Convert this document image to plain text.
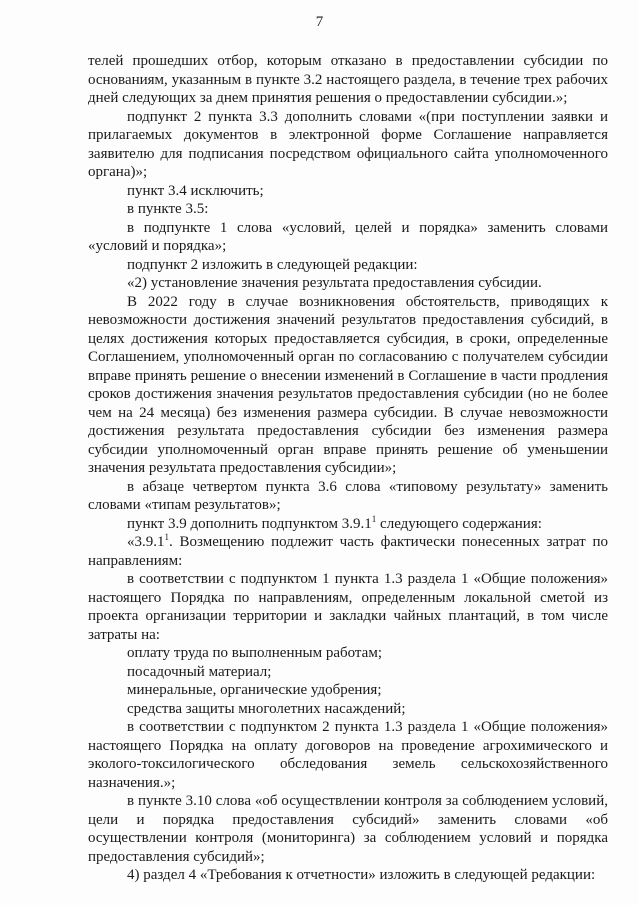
7

телей прошедших отбор, которым отказано в предоставлении субсидии по основаниям, указанным в пункте 3.2 настоящего раздела, в течение трех рабочих дней следующих за днем принятия решения о предоставлении субсидии.»;

подпункт 2 пункта 3.3 дополнить словами «(при поступлении заявки и прилагаемых документов в электронной форме Соглашение направляется заявителю для подписания посредством официального сайта уполномоченного органа)»;

пункт 3.4 исключить;

в пункте 3.5:

в подпункте 1 слова «условий, целей и порядка» заменить словами «условий и порядка»;

подпункт 2 изложить в следующей редакции:

«2) установление значения результата предоставления субсидии.

В 2022 году в случае возникновения обстоятельств, приводящих к невозможности достижения значений результатов предоставления субсидий, в целях достижения которых предоставляется субсидия, в сроки, определенные Соглашением, уполномоченный орган по согласованию с получателем субсидии вправе принять решение о внесении изменений в Соглашение в части продления сроков достижения значения результатов предоставления субсидии (но не более чем на 24 месяца) без изменения размера субсидии. В случае невозможности достижения результата предоставления субсидии без изменения размера субсидии уполномоченный орган вправе принять решение об уменьшении значения результата предоставления субсидии»;

в абзаце четвертом пункта 3.6 слова «типовому результату» заменить словами «типам результатов»;

пункт 3.9 дополнить подпунктом 3.9.1$^1$ следующего содержания:

«3.9.1$^1$. Возмещению подлежит часть фактически понесенных затрат по направлениям:

в соответствии с подпунктом 1 пункта 1.3 раздела 1 «Общие положения» настоящего Порядка по направлениям, определенным локальной сметой из проекта организации территории и закладки чайных плантаций, в том числе затраты на:

оплату труда по выполненным работам;

посадочный материал;

минеральные, органические удобрения;

средства защиты многолетних насаждений;

в соответствии с подпунктом 2 пункта 1.3 раздела 1 «Общие положения» настоящего Порядка на оплату договоров на проведение агрохимического и эколого-токсилогического обследования земель сельскохозяйственного назначения.»;

в пункте 3.10 слова «об осуществлении контроля за соблюдением условий, цели и порядка предоставления субсидий» заменить словами «об осуществлении контроля (мониторинга) за соблюдением условий и порядка предоставления субсидий»;

4) раздел 4 «Требования к отчетности» изложить в следующей редакции:
